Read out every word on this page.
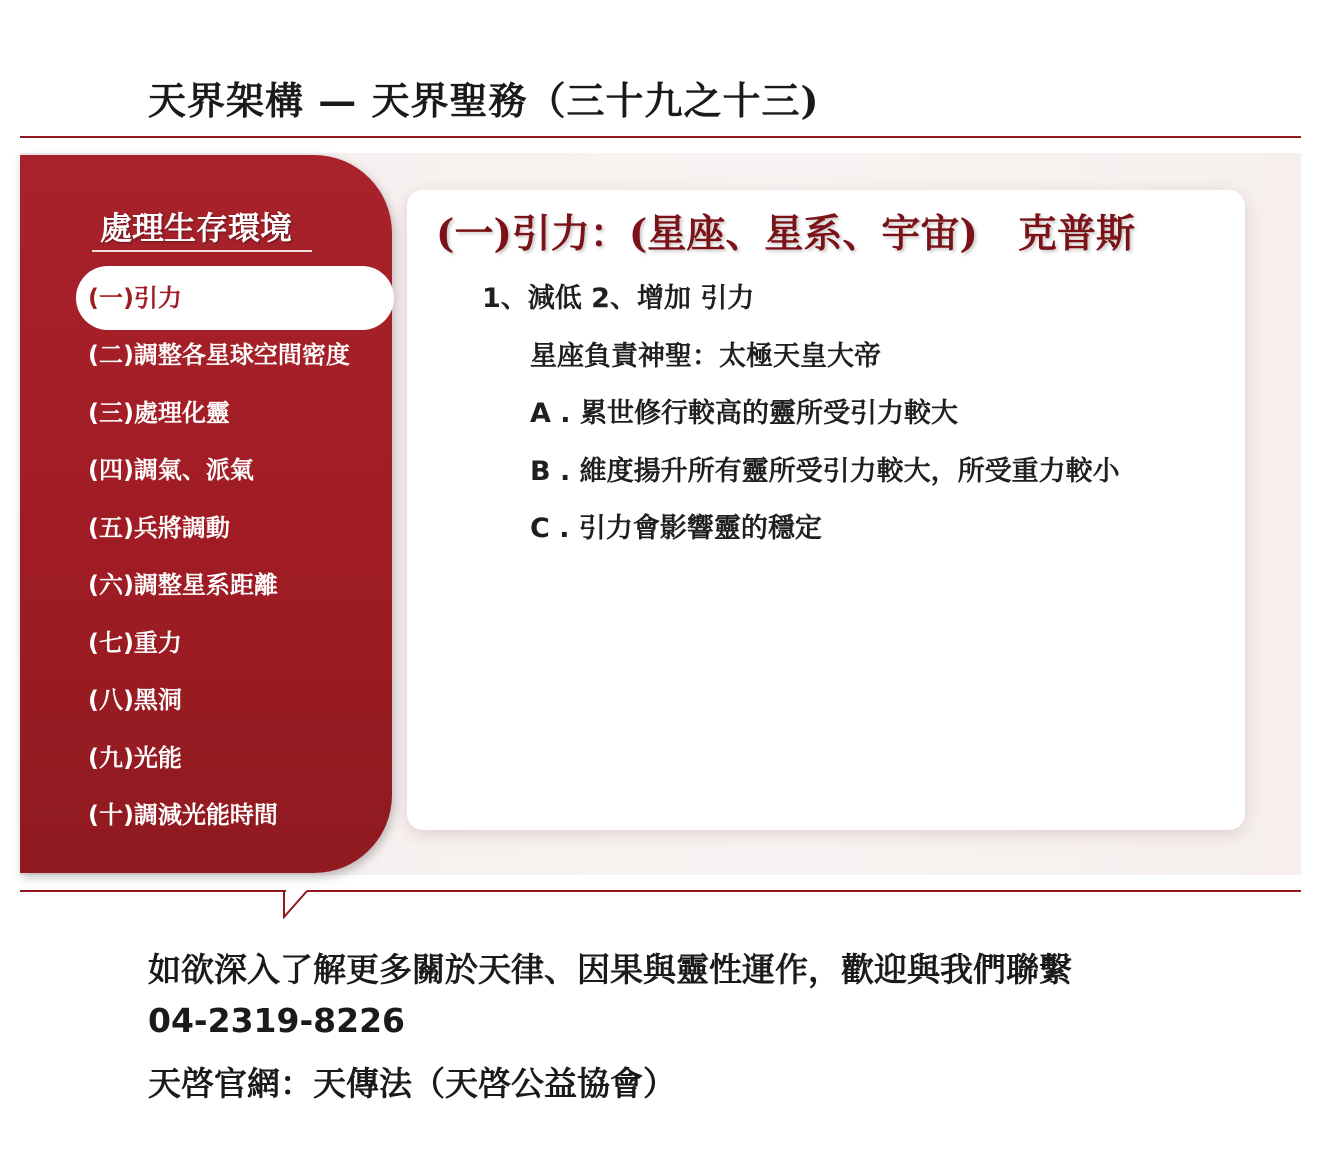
天界架構 — 天界聖務（三十九之十三)
處理生存環境
(一)引力
(二)調整各星球空間密度
(三)處理化靈
(四)調氣、派氣
(五)兵將調動
(六)調整星系距離
(七)重力
(八)黑洞
(九)光能
(十)調減光能時間
(一)引力：(星座、星系、宇宙) 克普斯
1、減低 2、增加 引力
星座負責神聖：太極天皇大帝
A . 累世修行較高的靈所受引力較大
B . 維度揚升所有靈所受引力較大，所受重力較小
C . 引力會影響靈的穩定
如欲深入了解更多關於天律、因果與靈性運作，歡迎與我們聯繫
04-2319-8226
天啓官網：天傳法（天啓公益協會）
